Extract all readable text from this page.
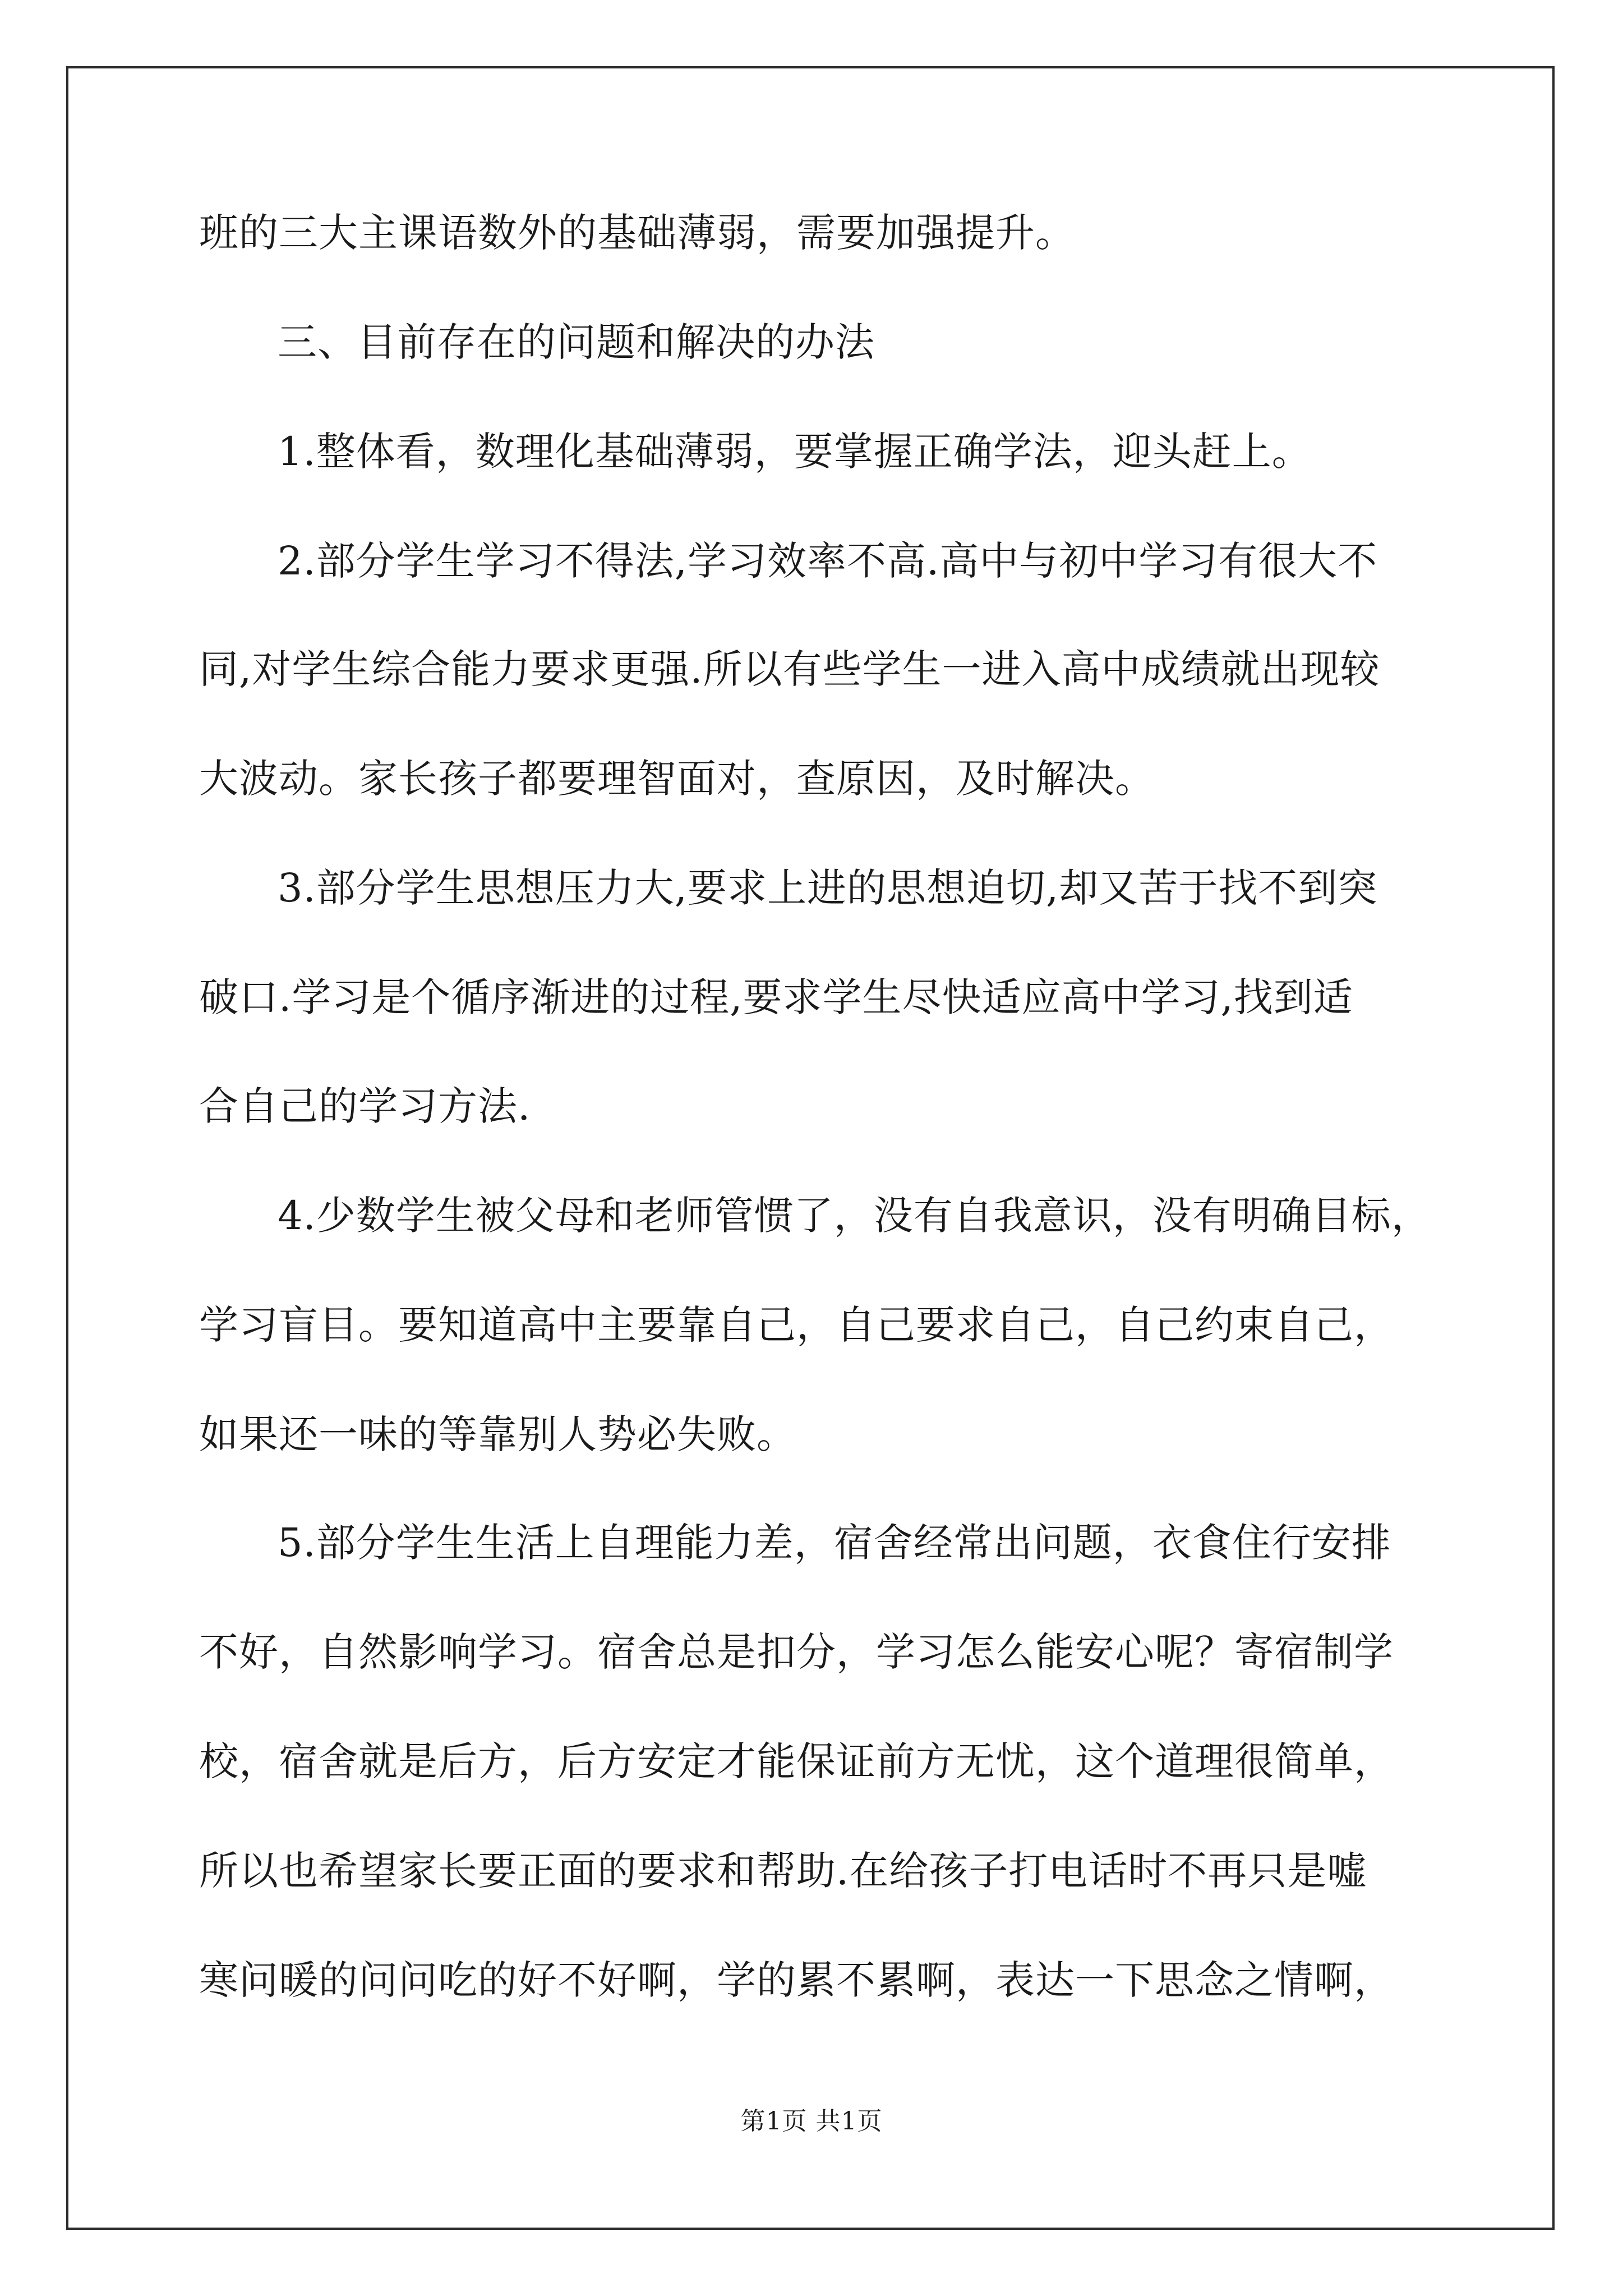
班的三大主课语数外的基础薄弱，需要加强提升。
三、目前存在的问题和解决的办法
1.整体看，数理化基础薄弱，要掌握正确学法，迎头赶上。
2.部分学生学习不得法,学习效率不高.高中与初中学习有很大不
同,对学生综合能力要求更强.所以有些学生一进入高中成绩就出现较
大波动。家长孩子都要理智面对，查原因，及时解决。
3.部分学生思想压力大,要求上进的思想迫切,却又苦于找不到突
破口.学习是个循序渐进的过程,要求学生尽快适应高中学习,找到适
合自己的学习方法.
4.少数学生被父母和老师管惯了，没有自我意识，没有明确目标，
学习盲目。要知道高中主要靠自己，自己要求自己，自己约束自己，
如果还一味的等靠别人势必失败。
5.部分学生生活上自理能力差，宿舍经常出问题，衣食住行安排
不好，自然影响学习。宿舍总是扣分，学习怎么能安心呢？寄宿制学
校，宿舍就是后方，后方安定才能保证前方无忧，这个道理很简单，
所以也希望家长要正面的要求和帮助.在给孩子打电话时不再只是嘘
寒问暖的问问吃的好不好啊，学的累不累啊，表达一下思念之情啊，
第1页 共1页
